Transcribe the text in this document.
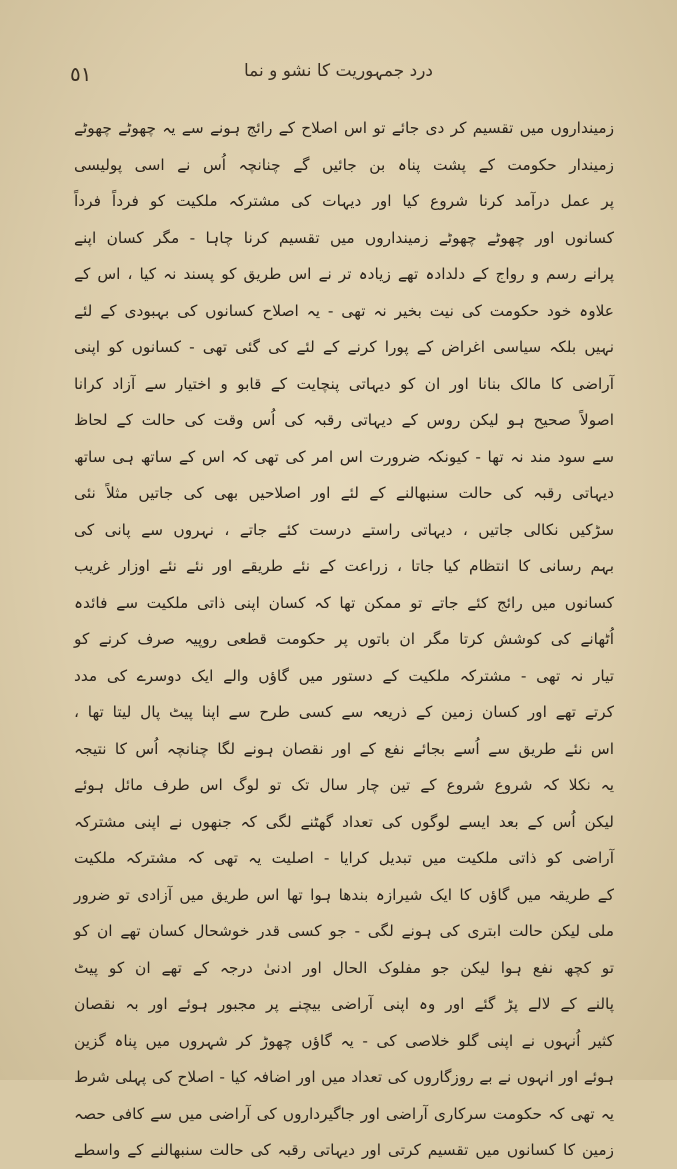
٥١	درد جمہوریت کا نشو و نما
زمینداروں میں تقسیم کر دی جائے تو اس اصلاح کے رائج ہونے سے یہ چھوٹے چھوٹے
زمیندار حکومت کے پشت پناہ بن جائیں گے چنانچہ اُس نے اسی پولیسی
پر عمل درآمد کرنا شروع کیا اور دیہات کی مشترکہ ملکیت کو فرداً فرداً
کسانوں اور چھوٹے چھوٹے زمینداروں میں تقسیم کرنا چاہا - مگر کسان اپنے
پرانے رسم و رواج کے دلدادہ تھے زیادہ تر نے اس طریق کو پسند نہ کیا ، اس کے
علاوہ خود حکومت کی نیت بخیر نہ تھی - یہ اصلاح کسانوں کی بہبودی کے لئے
نہیں بلکہ سیاسی اغراض کے پورا کرنے کے لئے کی گئی تھی - کسانوں کو اپنی
آراضی کا مالک بنانا اور ان کو دیہاتی پنچایت کے قابو و اختیار سے آزاد کرانا
اصولاً صحیح ہو لیکن روس کے دیہاتی رقبہ کی اُس وقت کی حالت کے لحاظ
سے سود مند نہ تھا - کیونکہ ضرورت اس امر کی تھی کہ اس کے ساتھ ہی ساتھ
دیہاتی رقبہ کی حالت سنبھالنے کے لئے اور اصلاحیں بھی کی جاتیں مثلاً نئی
سڑکیں نکالی جاتیں ، دیہاتی راستے درست کئے جاتے ، نہروں سے پانی کی
بہم رسانی کا انتظام کیا جاتا ، زراعت کے نئے طریقے اور نئے نئے اوزار غریب
کسانوں میں رائج کئے جاتے تو ممکن تھا کہ کسان اپنی ذاتی ملکیت سے فائدہ
اُٹھانے کی کوشش کرتا مگر ان باتوں پر حکومت قطعی روپیہ صرف کرنے کو
تیار نہ تھی - مشترکہ ملکیت کے دستور میں گاؤں والے ایک دوسرے کی مدد
کرتے تھے اور کسان زمین کے ذریعہ سے کسی طرح سے اپنا پیٹ پال لیتا تھا ،
اس نئے طریق سے اُسے بجائے نفع کے اور نقصان ہونے لگا چنانچہ اُس کا نتیجہ
یہ نکلا کہ شروع شروع کے تین چار سال تک تو لوگ اس طرف مائل ہوئے
لیکن اُس کے بعد ایسے لوگوں کی تعداد گھٹنے لگی کہ جنھوں نے اپنی مشترکہ
آراضی کو ذاتی ملکیت میں تبدیل کرایا - اصلیت یہ تھی کہ مشترکہ ملکیت
کے طریقہ میں گاؤں کا ایک شیرازہ بندھا ہوا تھا اس طریق میں آزادی تو ضرور
ملی لیکن حالت ابتری کی ہونے لگی - جو کسی قدر خوشحال کسان تھے ان کو
تو کچھ نفع ہوا لیکن جو مفلوک الحال اور ادنیٰ درجہ کے تھے ان کو پیٹ
پالنے کے لالے پڑ گئے اور وہ اپنی آراضی بیچنے پر مجبور ہوئے اور بہ نقصان
کثیر اُنہوں نے اپنی گلو خلاصی کی - یہ گاؤں چھوڑ کر شہروں میں پناہ گزین
ہوئے اور انہوں نے بے روزگاروں کی تعداد میں اور اضافہ کیا - اصلاح کی پہلی شرط
یہ تھی کہ حکومت سرکاری آراضی اور جاگیرداروں کی آراضی میں سے کافی حصہ
زمین کا کسانوں میں تقسیم کرتی اور دیہاتی رقبہ کی حالت سنبھالنے کے واسطے
